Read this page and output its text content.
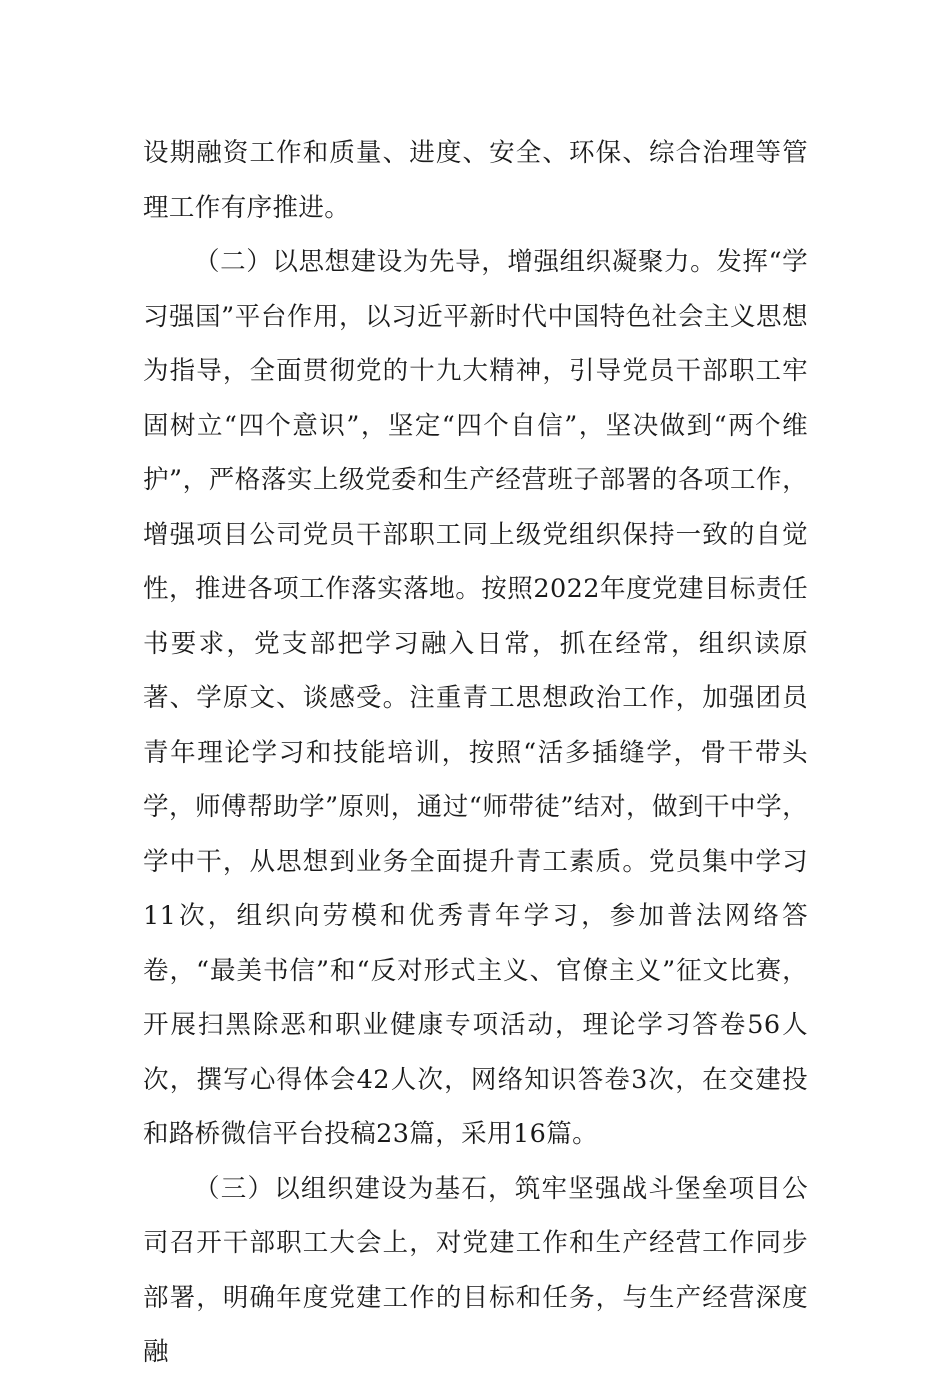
设期融资工作和质量、进度、安全、环保、综合治理等管理工作有序推进。

（二）以思想建设为先导，增强组织凝聚力。发挥“学习强国”平台作用，以习近平新时代中国特色社会主义思想为指导，全面贯彻党的十九大精神，引导党员干部职工牢固树立“四个意识”，坚定“四个自信”，坚决做到“两个维护”，严格落实上级党委和生产经营班子部署的各项工作，增强项目公司党员干部职工同上级党组织保持一致的自觉性，推进各项工作落实落地。按照2022年度党建目标责任书要求，党支部把学习融入日常，抓在经常，组织读原著、学原文、谈感受。注重青工思想政治工作，加强团员青年理论学习和技能培训，按照“活多插缝学，骨干带头学，师傅帮助学”原则，通过“师带徒”结对，做到干中学，学中干，从思想到业务全面提升青工素质。党员集中学习11次，组织向劳模和优秀青年学习，参加普法网络答卷，“最美书信”和“反对形式主义、官僚主义”征文比赛，开展扫黑除恶和职业健康专项活动，理论学习答卷56人次，撰写心得体会42人次，网络知识答卷3次，在交建投和路桥微信平台投稿23篇，采用16篇。

（三）以组织建设为基石，筑牢坚强战斗堡垒项目公司召开干部职工大会上，对党建工作和生产经营工作同步部署，明确年度党建工作的目标和任务，与生产经营深度融
